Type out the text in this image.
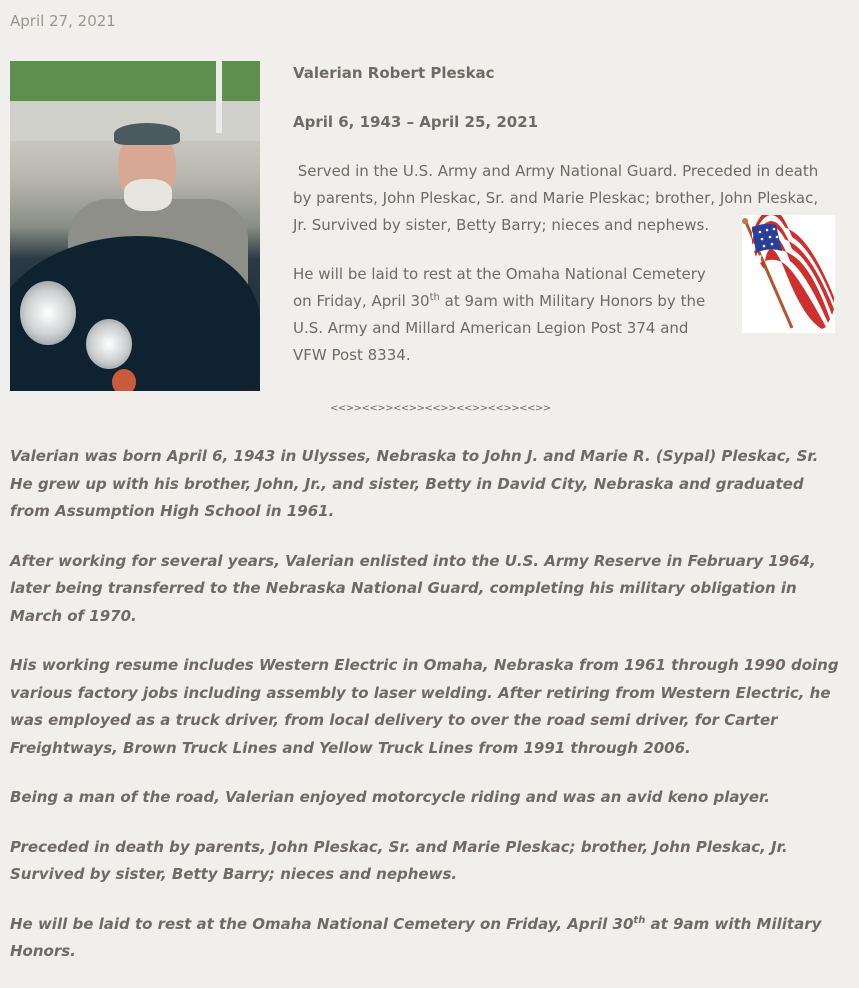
April 27, 2021

Valerian Robert Pleskac

April 6, 1943 – April 25, 2021

Served in the U.S. Army and Army National Guard. Preceded in death by parents, John Pleskac, Sr. and Marie Pleskac; brother, John Pleskac, Jr. Survived by sister, Betty Barry; nieces and nephews.

He will be laid to rest at the Omaha National Cemetery on Friday, April 30th at 9am with Military Honors by the U.S. Army and Millard American Legion Post 374 and VFW Post 8334.

<<>><<>><<>><<>><<>><<>><<>>

Valerian was born April 6, 1943 in Ulysses, Nebraska to John J. and Marie R. (Sypal) Pleskac, Sr. He grew up with his brother, John, Jr., and sister, Betty in David City, Nebraska and graduated from Assumption High School in 1961.

After working for several years, Valerian enlisted into the U.S. Army Reserve in February 1964, later being transferred to the Nebraska National Guard, completing his military obligation in March of 1970.

His working resume includes Western Electric in Omaha, Nebraska from 1961 through 1990 doing various factory jobs including assembly to laser welding. After retiring from Western Electric, he was employed as a truck driver, from local delivery to over the road semi driver, for Carter Freightways, Brown Truck Lines and Yellow Truck Lines from 1991 through 2006.

Being a man of the road, Valerian enjoyed motorcycle riding and was an avid keno player.

Preceded in death by parents, John Pleskac, Sr. and Marie Pleskac; brother, John Pleskac, Jr. Survived by sister, Betty Barry; nieces and nephews.

He will be laid to rest at the Omaha National Cemetery on Friday, April 30th at 9am with Military Honors.
